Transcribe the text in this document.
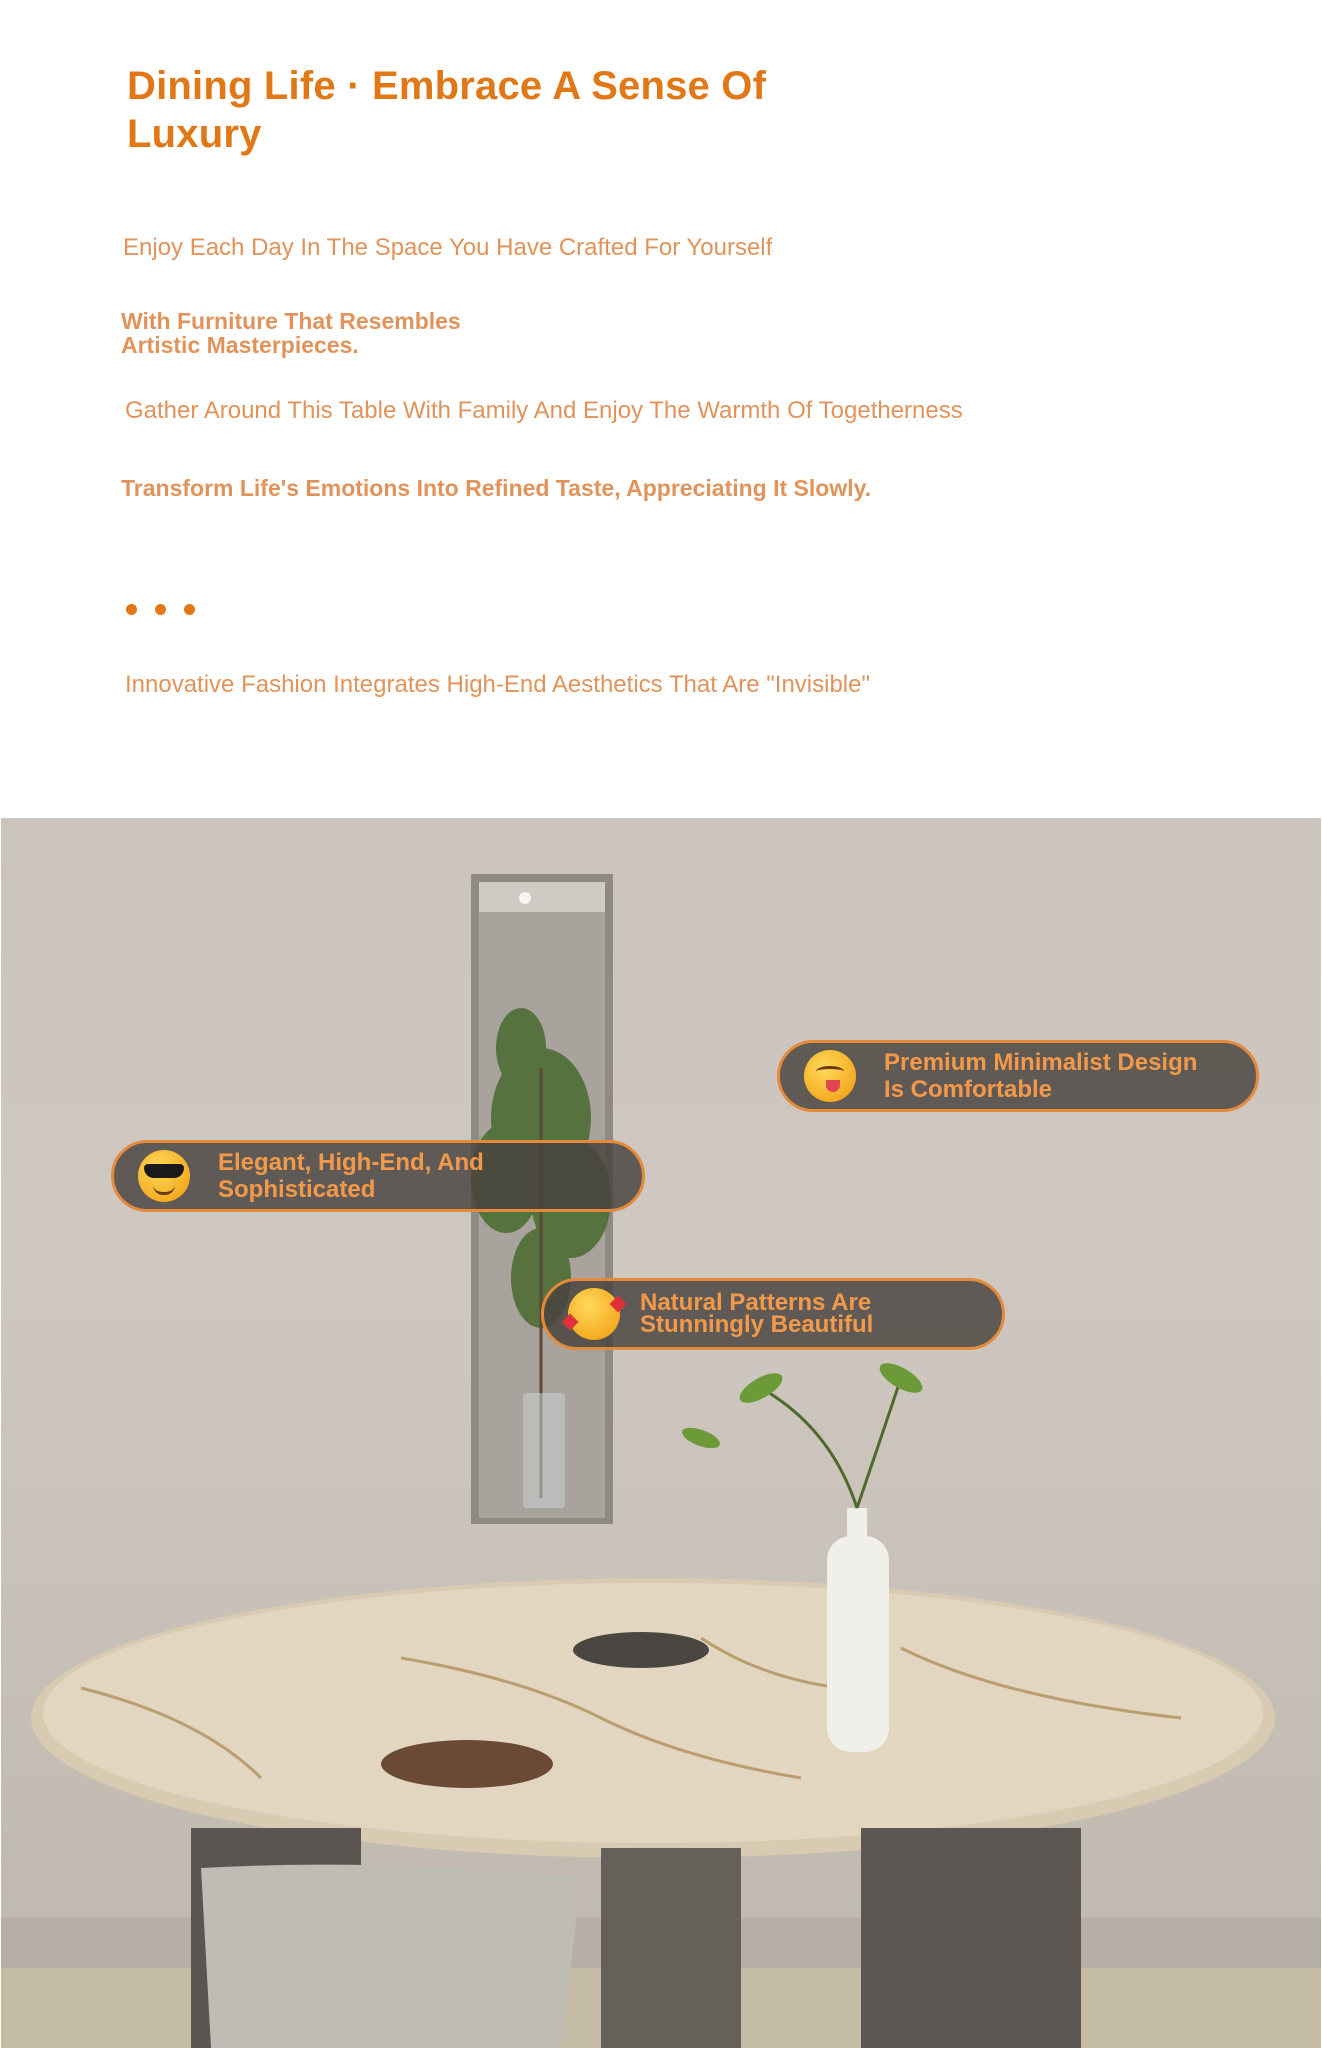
Dining Life · Embrace A Sense Of
Luxury
Enjoy Each Day In The Space You Have Crafted For Yourself
With Furniture That Resembles
Artistic Masterpieces.
Gather Around This Table With Family And Enjoy The Warmth Of Togetherness
Transform Life's Emotions Into Refined Taste, Appreciating It Slowly.
Innovative Fashion Integrates High-End Aesthetics That Are "Invisible"
Elegant, High-End, And
Sophisticated
Premium Minimalist Design
Is Comfortable
Natural Patterns Are
Stunningly Beautiful
